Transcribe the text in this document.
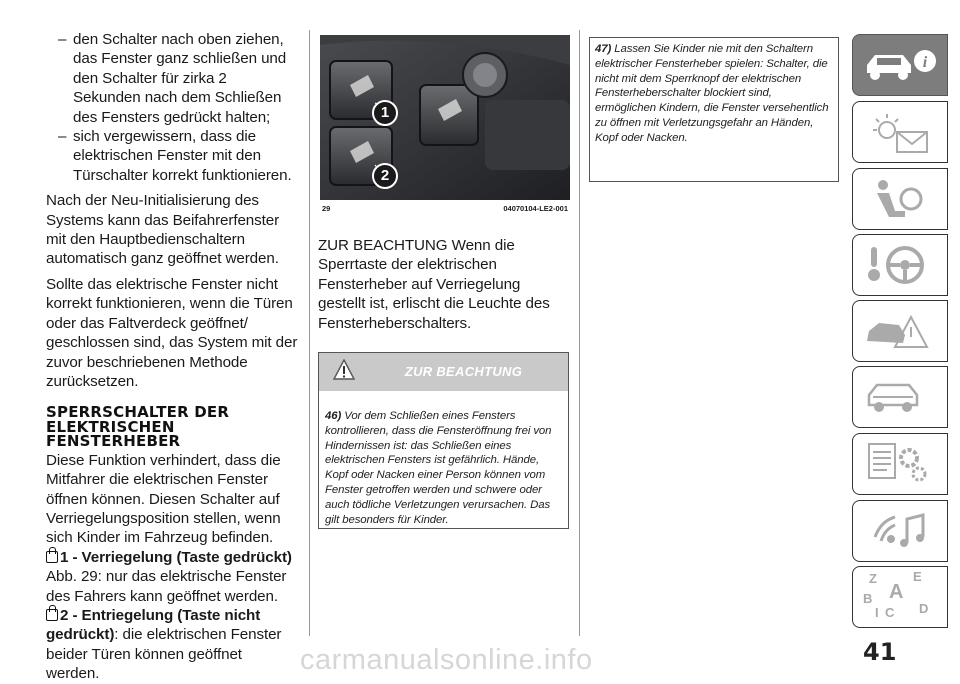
– den Schalter nach oben ziehen, das Fenster ganz schließen und den Schalter für zirka 2 Sekunden nach dem Schließen des Fensters gedrückt halten;
– sich vergewissern, dass die elektrischen Fenster mit den Türschalter korrekt funktionieren.

Nach der Neu-Initialisierung des Systems kann das Beifahrerfenster mit den Hauptbedienschaltern automatisch ganz geöffnet werden.

Sollte das elektrische Fenster nicht korrekt funktionieren, wenn die Türen oder das Faltverdeck geöffnet/ geschlossen sind, das System mit der zuvor beschriebenen Methode zurücksetzen.

SPERRSCHALTER DER ELEKTRISCHEN FENSTERHEBER

Diese Funktion verhindert, dass die Mitfahrer die elektrischen Fenster öffnen können. Diesen Schalter auf Verriegelungsposition stellen, wenn sich Kinder im Fahrzeug befinden.

1 - Verriegelung (Taste gedrückt)

Abb. 29: nur das elektrische Fenster des Fahrers kann geöffnet werden.

2 - Entriegelung (Taste nicht gedrückt): die elektrischen Fenster beider Türen können geöffnet werden.

1
2
29	04070104-LE2-001

ZUR BEACHTUNG Wenn die Sperrtaste der elektrischen Fensterheber auf Verriegelung gestellt ist, erlischt die Leuchte des Fensterheberschalters.

ZUR BEACHTUNG
46) Vor dem Schließen eines Fensters kontrollieren, dass die Fensteröffnung frei von Hindernissen ist: das Schließen eines elektrischen Fensters ist gefährlich. Hände, Kopf oder Nacken einer Person können vom Fenster getroffen werden und schwere oder auch tödliche Verletzungen verursachen. Das gilt besonders für Kinder.
47) Lassen Sie Kinder nie mit den Schaltern elektrischer Fensterheber spielen: Schalter, die nicht mit dem Sperrknopf der elektrischen Fensterheberschalter blockiert sind, ermöglichen Kindern, die Fenster versehentlich zu öffnen mit Verletzungsgefahr an Händen, Kopf oder Nacken.
i
Z	E
A
B
C D
I
41
carmanualsonline.info
